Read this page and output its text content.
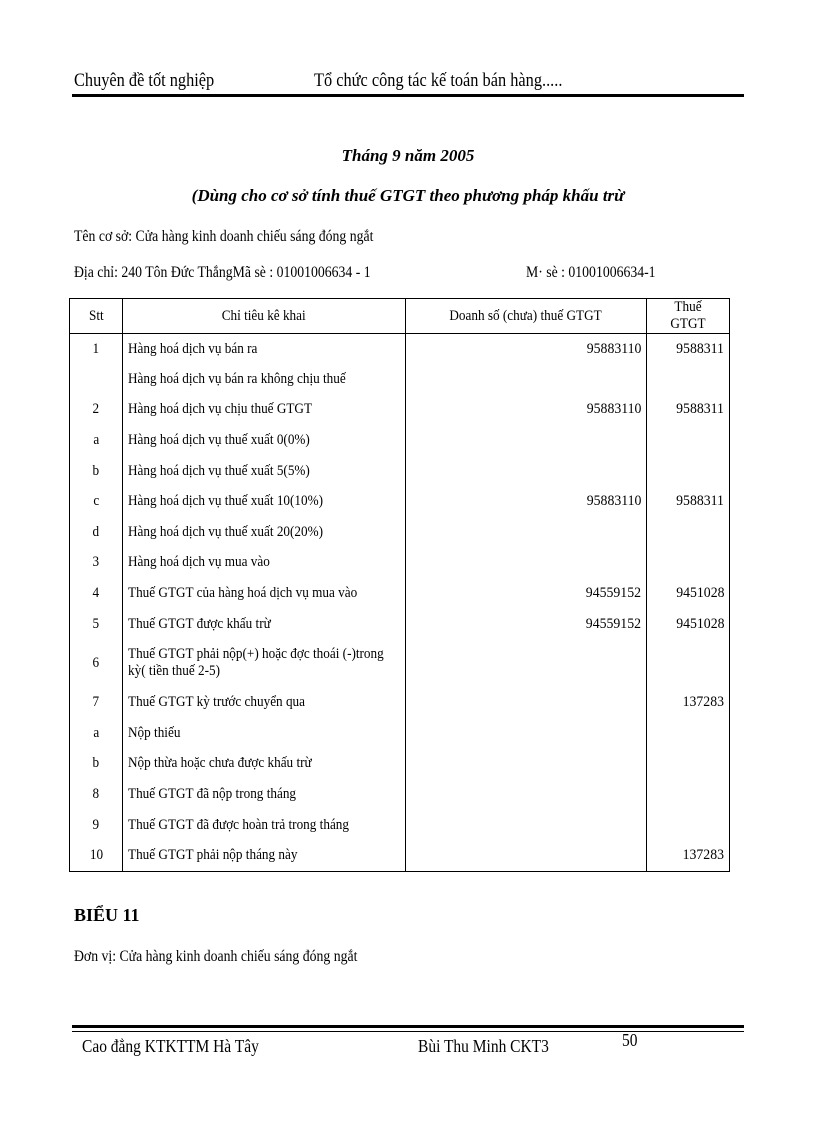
Chuyên đề tốt nghiệp	Tổ chức công tác kế toán bán hàng.....
Tháng 9 năm 2005
(Dùng cho cơ sở tính thuế GTGT theo phương pháp khấu trừ
Tên cơ sở: Cửa hàng kinh doanh chiếu sáng đóng ngắt
Địa chỉ: 240 Tôn Đức ThắngMã sè : 01001006634 - 1	M· sè : 01001006634-1
Stt	Chỉ tiêu kê khai	Doanh số (chưa) thuế GTGT	Thuế GTGT
1	Hàng hoá dịch vụ bán ra	95883110	9588311
	Hàng hoá dịch vụ bán ra không chịu thuế		
2	Hàng hoá dịch vụ chịu thuế GTGT	95883110	9588311
a	Hàng hoá dịch vụ thuế xuất 0(0%)		
b	Hàng hoá dịch vụ thuế xuất 5(5%)		
c	Hàng hoá dịch vụ thuế xuất 10(10%)	95883110	9588311
d	Hàng hoá dịch vụ thuế xuất 20(20%)		
3	Hàng hoá dịch vụ mua vào		
4	Thuế GTGT của hàng hoá dịch vụ mua vào	94559152	9451028
5	Thuế GTGT được khấu trừ	94559152	9451028
6	Thuế GTGT phải nộp(+) hoặc đợc thoái (-)trong kỳ( tiền thuế 2-5)		
7	Thuế GTGT kỳ trước chuyển qua		137283
a	Nộp thiếu		
b	Nộp thừa hoặc chưa được khấu trừ		
8	Thuế GTGT đã nộp trong tháng		
9	Thuế GTGT đã được hoàn trả trong tháng		
10	Thuế GTGT phải nộp tháng này		137283
BIỂU 11
Đơn vị: Cửa hàng kinh doanh chiếu sáng đóng ngắt
Cao đẳng KTKTTM Hà Tây	Bùi Thu Minh CKT3	50
